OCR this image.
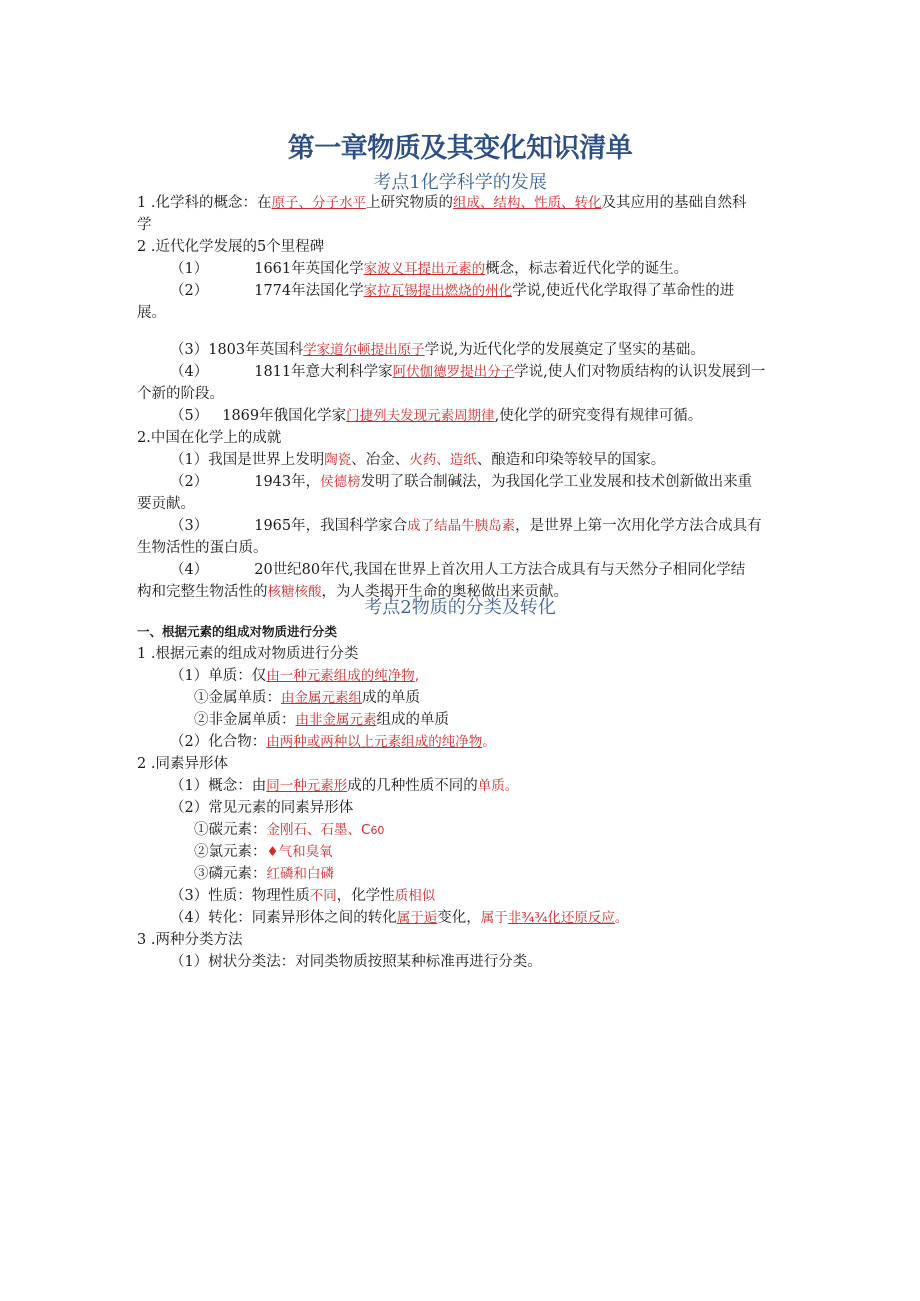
第一章物质及其变化知识清单
考点1化学科学的发展
1 .化学科的概念：在原子、分子水平上研究物质的组成、结构、性质、转化及其应用的基础自然科
学
2 .近代化学发展的5个里程碑
（1）	1661年英国化学家波义耳提出元素的概念，标志着近代化学的诞生。
（2）	1774年法国化学家拉瓦锡提出燃烧的州化学说,使近代化学取得了革命性的进
展。
（3）1803年英国科学家道尔顿提出原子学说,为近代化学的发展奠定了坚实的基础。
（4）	1811年意大利科学家阿伏伽德罗提出分子学说,使人们对物质结构的认识发展到一
个新的阶段。
（5） 1869年俄国化学家门捷列夫发现元素周期律,使化学的研究变得有规律可循。
2.中国在化学上的成就
（1）我国是世界上发明陶瓷、冶金、火药、造纸、酿造和印染等较早的国家。
（2）	1943年，侯德榜发明了联合制碱法，为我国化学工业发展和技术创新做出来重
要贡献。
（3）	1965年，我国科学家合成了结晶牛胰岛素，是世界上第一次用化学方法合成具有
生物活性的蛋白质。
（4）	20世纪80年代,我国在世界上首次用人工方法合成具有与天然分子相同化学结
构和完整生物活性的核糖核酸，为人类揭开生命的奥秘做出来贡献。
考点2物质的分类及转化
一、根据元素的组成对物质进行分类
1 .根据元素的组成对物质进行分类
（1）单质：仅由一种元素组成的纯净物,
①金属单质：由金属元素组成的单质
②非金属单质：由非金属元素组成的单质
（2）化合物：由两种或两种以上元素组成的纯净物。
2 .同素异形体
（1）概念：由同一种元素形成的几种性质不同的单质。
（2）常见元素的同素异形体
①碳元素：金刚石、石墨、C60
②氯元素：♦气和臭氧
③磷元素：红磷和白磷
（3）性质：物理性质不同，化学性质相似
（4）转化：同素异形体之间的转化属于逅变化，属于非¾¾化还原反应。
3 .两种分类方法
（1）树状分类法：对同类物质按照某种标准再进行分类。
